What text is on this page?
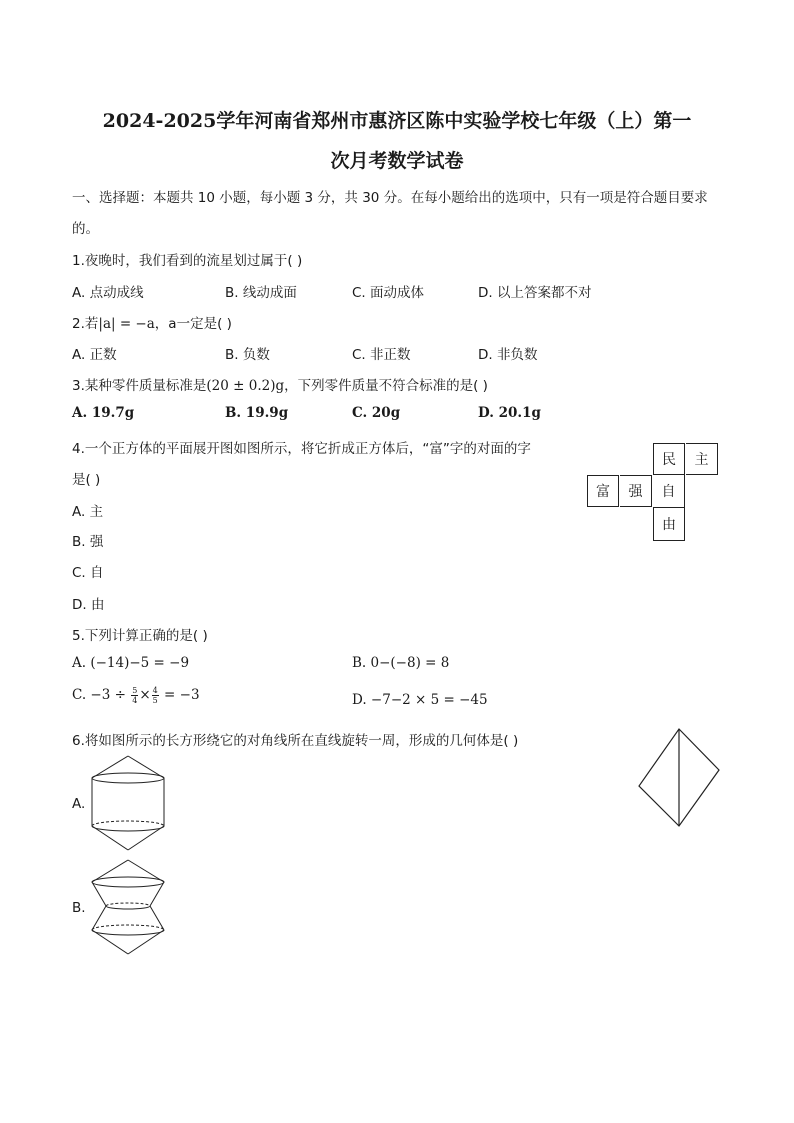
2024-2025学年河南省郑州市惠济区陈中实验学校七年级（上）第一
次月考数学试卷
一、选择题：本题共 10 小题，每小题 3 分，共 30 分。在每小题给出的选项中，只有一项是符合题目要求
的。
1.夜晚时，我们看到的流星划过属于( )
A. 点动成线	B. 线动成面	C. 面动成体	D. 以上答案都不对
2.若|a| = −a，a一定是( )
A. 正数	B. 负数	C. 非正数	D. 非负数
3.某种零件质量标准是(20 ± 0.2)g，下列零件质量不符合标准的是( )
A. 19.7g	B. 19.9g	C. 20g	D. 20.1g
4.一个正方体的平面展开图如图所示，将它折成正方体后，“富”字的对面的字
是( )
A. 主
B. 强
C. 自
D. 由
民	主
富	强	自
由
5.下列计算正确的是( )
A. (−14)−5 = −9	B. 0−(−8) = 8
C. $-3 \div \frac{5}{4} \times \frac{4}{5} = -3$	D. −7−2 × 5 = −45
6.将如图所示的长方形绕它的对角线所在直线旋转一周，形成的几何体是( )
A.
B.
